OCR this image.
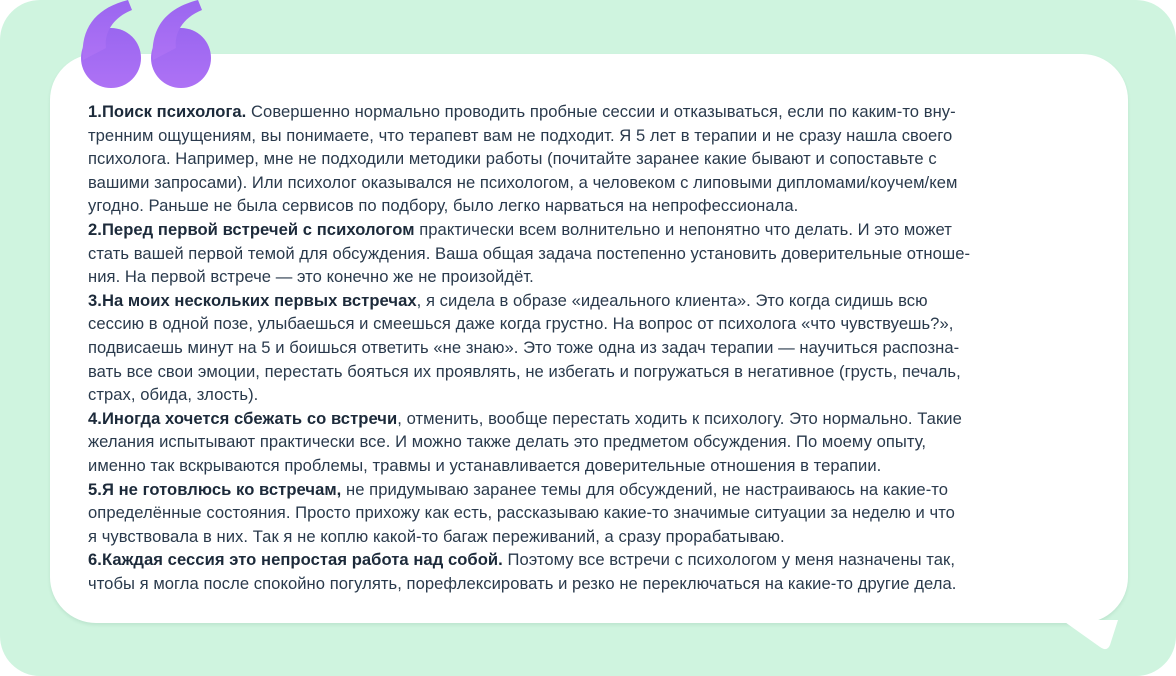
1.Поиск психолога. Совершенно нормально проводить пробные сессии и отказываться, если по каким-то вну-
тренним ощущениям, вы понимаете, что терапевт вам не подходит. Я 5 лет в терапии и не сразу нашла своего
психолога. Например, мне не подходили методики работы (почитайте заранее какие бывают и сопоставьте с
вашими запросами). Или психолог оказывался не психологом, а человеком с липовыми дипломами/коучем/кем
угодно. Раньше не была сервисов по подбору, было легко нарваться на непрофессионала.

2.Перед первой встречей с психологом практически всем волнительно и непонятно что делать. И это может
стать вашей первой темой для обсуждения. Ваша общая задача постепенно установить доверительные отноше-
ния. На первой встрече — это конечно же не произойдёт.

3.На моих нескольких первых встречах, я сидела в образе «идеального клиента». Это когда сидишь всю
сессию в одной позе, улыбаешься и смеешься даже когда грустно. На вопрос от психолога «что чувствуешь?»,
подвисаешь минут на 5 и боишься ответить «не знаю». Это тоже одна из задач терапии — научиться распозна-
вать все свои эмоции, перестать бояться их проявлять, не избегать и погружаться в негативное (грусть, печаль,
страх, обида, злость).

4.Иногда хочется сбежать со встречи, отменить, вообще перестать ходить к психологу. Это нормально. Такие
желания испытывают практически все. И можно также делать это предметом обсуждения. По моему опыту,
именно так вскрываются проблемы, травмы и устанавливается доверительные отношения в терапии.

5.Я не готовлюсь ко встречам, не придумываю заранее темы для обсуждений, не настраиваюсь на какие-то
определённые состояния. Просто прихожу как есть, рассказываю какие-то значимые ситуации за неделю и что
я чувствовала в них. Так я не коплю какой-то багаж переживаний, а сразу прорабатываю.

6.Каждая сессия это непростая работа над собой. Поэтому все встречи с психологом у меня назначены так,
чтобы я могла после спокойно погулять, порефлексировать и резко не переключаться на какие-то другие дела.
